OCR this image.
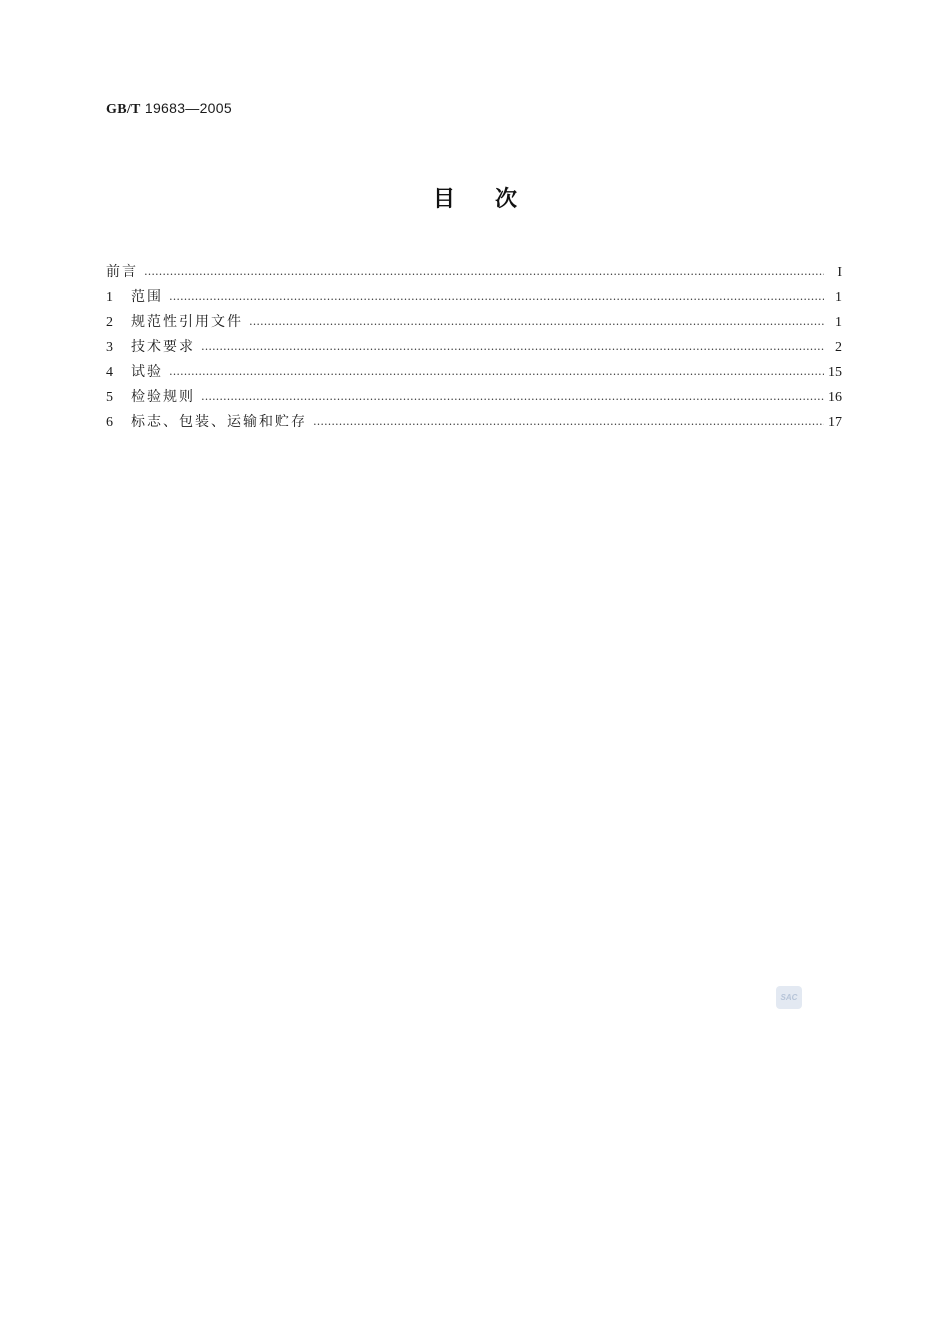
GB/T 19683—2005
目次
前言 ……………………………………………………………………………………………………………………………………………………………………………………………………………………………………………………	I
1	范围 ……………………………………………………………………………………………………………………………………………………………………………………………………………………………………………………	1
2	规范性引用文件 ……………………………………………………………………………………………………………………………………………………………………………………………………………………………………………………	1
3	技术要求 ……………………………………………………………………………………………………………………………………………………………………………………………………………………………………………………	2
4	试验 ……………………………………………………………………………………………………………………………………………………………………………………………………………………………………………………	15
5	检验规则 ……………………………………………………………………………………………………………………………………………………………………………………………………………………………………………………	16
6	标志、包装、运输和贮存 ……………………………………………………………………………………………………………………………………………………………………………………………………………………………………………………	17
SAC
